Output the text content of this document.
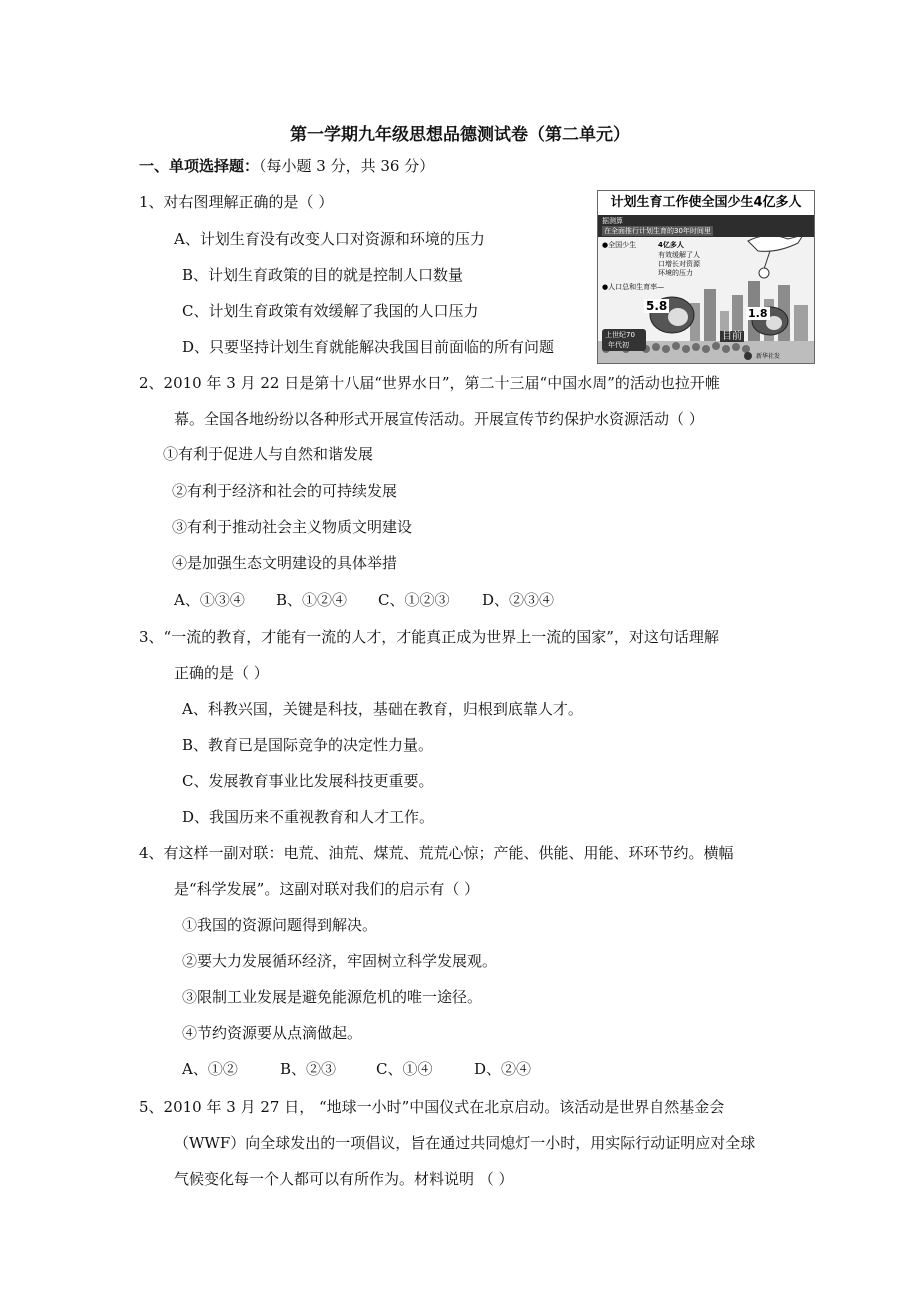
第一学期九年级思想品德测试卷（第二单元）
一、单项选择题：（每小题 3 分，共 36 分）
1、对右图理解正确的是（ ）
A、计划生育没有改变人口对资源和环境的压力
B、计划生育政策的目的就是控制人口数量
C、计划生育政策有效缓解了我国的人口压力
D、只要坚持计划生育就能解决我国目前面临的所有问题
计划生育工作使全国少生4亿多人
据测算
在全面推行计划生育的30年时间里
●全国少生	4亿多人
有效缓解了人
口增长对资源
环境的压力
●人口总和生育率—
5.8
1.8
上世纪70
年代初
目前
新华社发
2、2010 年 3 月 22 日是第十八届“世界水日”，第二十三届“中国水周”的活动也拉开帷
幕。全国各地纷纷以各种形式开展宣传活动。开展宣传节约保护水资源活动（ ）
①有利于促进人与自然和谐发展
②有利于经济和社会的可持续发展
③有利于推动社会主义物质文明建设
④是加强生态文明建设的具体举措
A、①③④ B、①②④ C、①②③ D、②③④
3、“一流的教育，才能有一流的人才，才能真正成为世界上一流的国家”，对这句话理解
正确的是（ ）
A、科教兴国，关键是科技，基础在教育，归根到底靠人才。
B、教育已是国际竞争的决定性力量。
C、发展教育事业比发展科技更重要。
D、我国历来不重视教育和人才工作。
4、有这样一副对联：电荒、油荒、煤荒、荒荒心惊；产能、供能、用能、环环节约。横幅
是“科学发展”。这副对联对我们的启示有（ ）
①我国的资源问题得到解决。
②要大力发展循环经济，牢固树立科学发展观。
③限制工业发展是避免能源危机的唯一途径。
④节约资源要从点滴做起。
A、①②	B、②③	C、①④	D、②④
5、2010 年 3 月 27 日， “地球一小时”中国仪式在北京启动。该活动是世界自然基金会
（WWF）向全球发出的一项倡议，旨在通过共同熄灯一小时，用实际行动证明应对全球
气候变化每一个人都可以有所作为。材料说明 （ ）
